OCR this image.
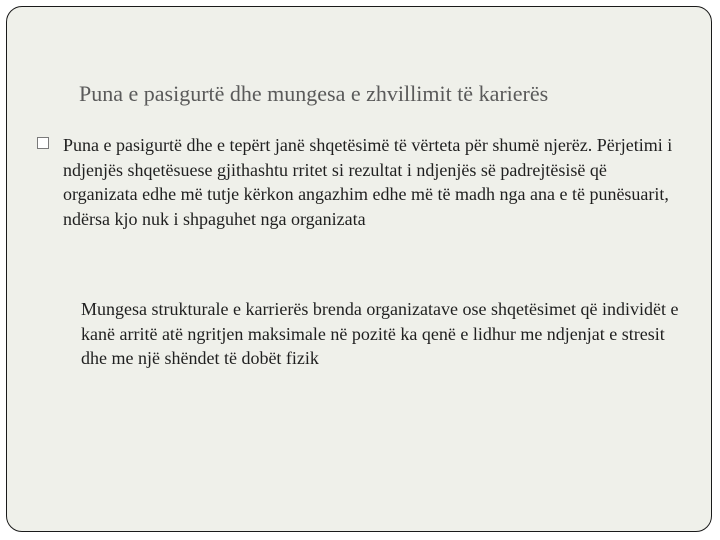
Puna e pasigurtë dhe mungesa e zhvillimit të karierës
Puna e pasigurtë dhe e tepërt janë shqetësimë të vërteta për shumë njerëz. Përjetimi i ndjenjës shqetësuese gjithashtu rritet si rezultat i ndjenjës së padrejtësisë që organizata edhe më tutje kërkon angazhim edhe më të madh nga ana e të punësuarit, ndërsa kjo nuk i shpaguhet nga organizata
Mungesa strukturale e karrierës brenda organizatave ose shqetësimet që individët e kanë arritë atë ngritjen maksimale në pozitë ka qenë e lidhur me ndjenjat e stresit dhe me një shëndet të dobët fizik
